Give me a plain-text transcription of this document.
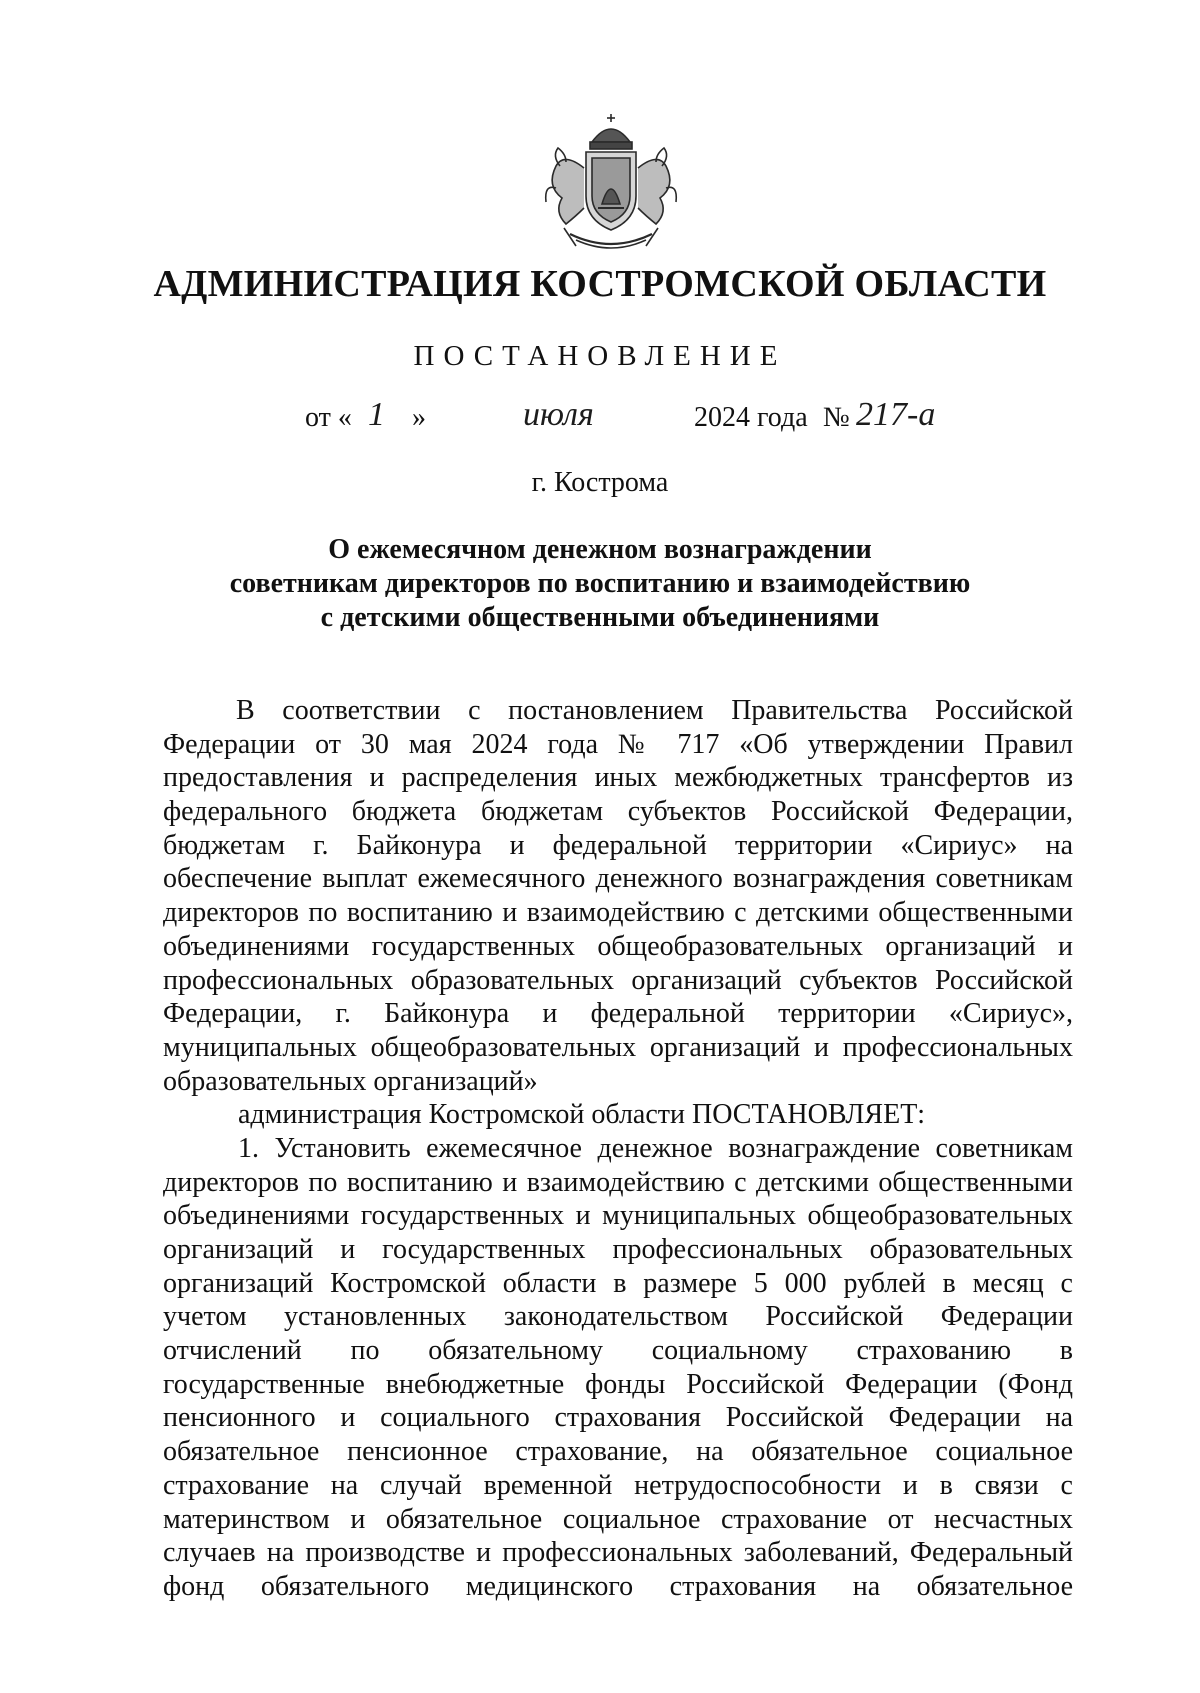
АДМИНИСТРАЦИЯ КОСТРОМСКОЙ ОБЛАСТИ
ПОСТАНОВЛЕНИЕ
от « 1 »	июля	2024 года № 217-а
г. Кострома
О ежемесячном денежном вознаграждении
советникам директоров по воспитанию и взаимодействию
с детскими общественными объединениями
В соответствии с постановлением Правительства Российской
Федерации от 30 мая 2024 года № 717 «Об утверждении Правил
предоставления и распределения иных межбюджетных трансфертов из
федерального бюджета бюджетам субъектов Российской Федерации,
бюджетам г. Байконура и федеральной территории «Сириус» на
обеспечение выплат ежемесячного денежного вознаграждения советникам
директоров по воспитанию и взаимодействию с детскими общественными
объединениями государственных общеобразовательных организаций и
профессиональных образовательных организаций субъектов Российской
Федерации, г. Байконура и федеральной территории «Сириус»,
муниципальных общеобразовательных организаций и профессиональных
образовательных организаций»
администрация Костромской области ПОСТАНОВЛЯЕТ:
1. Установить ежемесячное денежное вознаграждение советникам
директоров по воспитанию и взаимодействию с детскими общественными
объединениями государственных и муниципальных общеобразовательных
организаций и государственных профессиональных образовательных
организаций Костромской области в размере 5 000 рублей в месяц с
учетом установленных законодательством Российской Федерации
отчислений по обязательному социальному страхованию в
государственные внебюджетные фонды Российской Федерации (Фонд
пенсионного и социального страхования Российской Федерации на
обязательное пенсионное страхование, на обязательное социальное
страхование на случай временной нетрудоспособности и в связи с
материнством и обязательное социальное страхование от несчастных
случаев на производстве и профессиональных заболеваний, Федеральный
фонд обязательного медицинского страхования на обязательное
